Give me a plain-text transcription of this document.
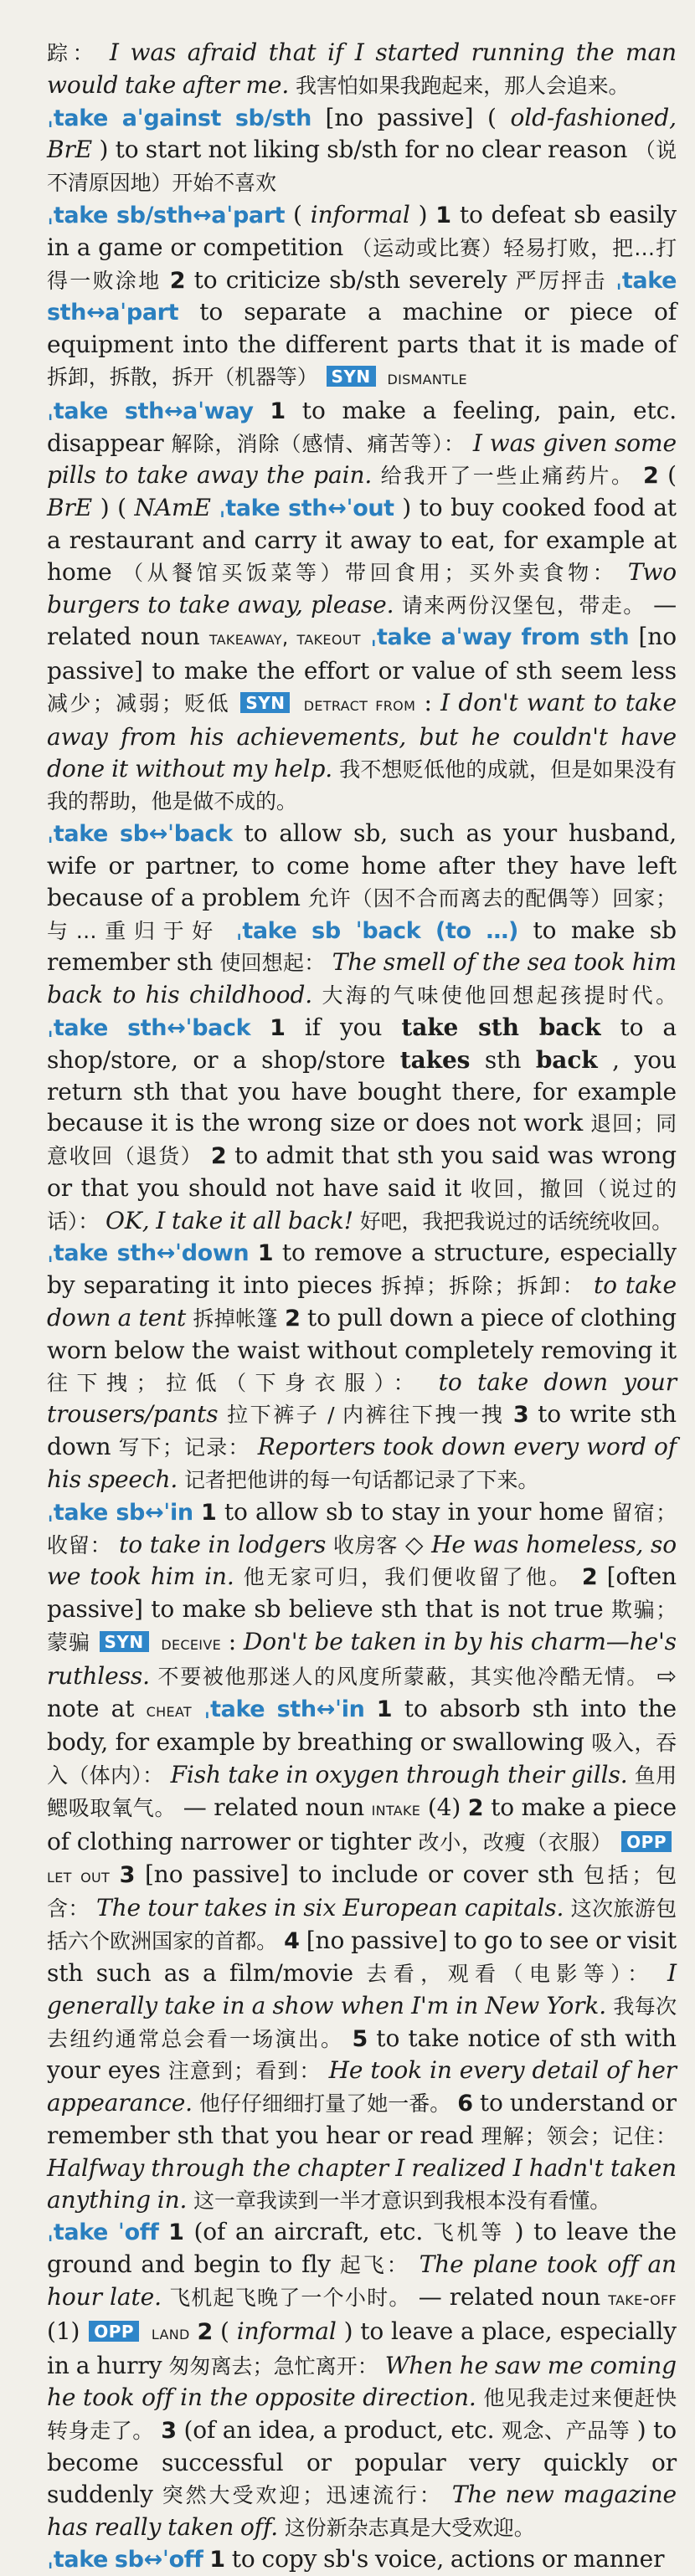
踪： I was afraid that if I started running the man would take after me. 我害怕如果我跑起来，那人会追来。
ˌtake aˈgainst sb/sth [no passive] ( old-fashioned, BrE ) to start not liking sb/sth for no clear reason （说不清原因地）开始不喜欢
ˌtake sb/sth↔aˈpart ( informal ) 1 to defeat sb easily in a game or competition （运动或比赛）轻易打败，把…打得一败涂地 2 to criticize sb/sth severely 严厉抨击 ˌtake sth↔aˈpart to separate a machine or piece of equipment into the different parts that it is made of 拆卸，拆散，拆开（机器等） SYN dismantle
ˌtake sth↔aˈway 1 to make a feeling, pain, etc. disappear 解除，消除（感情、痛苦等）： I was given some pills to take away the pain. 给我开了一些止痛药片。 2 ( BrE ) ( NAmE ˌtake sth↔ˈout ) to buy cooked food at a restaurant and carry it away to eat, for example at home （从餐馆买饭菜等）带回食用；买外卖食物： Two burgers to take away, please. 请来两份汉堡包，带走。 — related noun takeaway, takeout ˌtake aˈway from sth [no passive] to make the effort or value of sth seem less 减少；减弱；贬低 SYN detract from : I don't want to take away from his achievements, but he couldn't have done it without my help. 我不想贬低他的成就，但是如果没有我的帮助，他是做不成的。
ˌtake sb↔ˈback to allow sb, such as your husband, wife or partner, to come home after they have left because of a problem 允许（因不合而离去的配偶等）回家；与…重归于好 ˌtake sb ˈback (to …) to make sb remember sth 使回想起： The smell of the sea took him back to his childhood. 大海的气味使他回想起孩提时代。 ˌtake sth↔ˈback 1 if you take sth back to a shop/store, or a shop/store takes sth back , you return sth that you have bought there, for example because it is the wrong size or does not work 退回；同意收回（退货） 2 to admit that sth you said was wrong or that you should not have said it 收回，撤回（说过的话）： OK, I take it all back! 好吧，我把我说过的话统统收回。
ˌtake sth↔ˈdown 1 to remove a structure, especially by separating it into pieces 拆掉；拆除；拆卸： to take down a tent 拆掉帐篷 2 to pull down a piece of clothing worn below the waist without completely removing it 往下拽；拉低（下身衣服）： to take down your trousers/pants 拉下裤子 / 内裤往下拽一拽 3 to write sth down 写下；记录： Reporters took down every word of his speech. 记者把他讲的每一句话都记录了下来。
ˌtake sb↔ˈin 1 to allow sb to stay in your home 留宿；收留： to take in lodgers 收房客 ◇ He was homeless, so we took him in. 他无家可归，我们便收留了他。 2 [often passive] to make sb believe sth that is not true 欺骗；蒙骗 SYN deceive : Don't be taken in by his charm—he's ruthless. 不要被他那迷人的风度所蒙蔽，其实他冷酷无情。 ⇨ note at cheat ˌtake sth↔ˈin 1 to absorb sth into the body, for example by breathing or swallowing 吸入，吞入（体内）： Fish take in oxygen through their gills. 鱼用鳃吸取氧气。 — related noun intake (4) 2 to make a piece of clothing narrower or tighter 改小，改瘦（衣服） OPP let out 3 [no passive] to include or cover sth 包括；包含： The tour takes in six European capitals. 这次旅游包括六个欧洲国家的首都。 4 [no passive] to go to see or visit sth such as a film/movie 去看，观看（电影等）： I generally take in a show when I'm in New York. 我每次去纽约通常总会看一场演出。 5 to take notice of sth with your eyes 注意到；看到： He took in every detail of her appearance. 他仔仔细细打量了她一番。 6 to understand or remember sth that you hear or read 理解；领会；记住： Halfway through the chapter I realized I hadn't taken anything in. 这一章我读到一半才意识到我根本没有看懂。
ˌtake ˈoff 1 (of an aircraft, etc. 飞机等 ) to leave the ground and begin to fly 起飞： The plane took off an hour late. 飞机起飞晚了一个小时。 — related noun take-off (1) OPP land 2 ( informal ) to leave a place, especially in a hurry 匆匆离去；急忙离开： When he saw me coming he took off in the opposite direction. 他见我走过来便赶快转身走了。 3 (of an idea, a product, etc. 观念、产品等 ) to become successful or popular very quickly or suddenly 突然大受欢迎；迅速流行： The new magazine has really taken off. 这份新杂志真是大受欢迎。
ˌtake sb↔ˈoff 1 to copy sb's voice, actions or manner
